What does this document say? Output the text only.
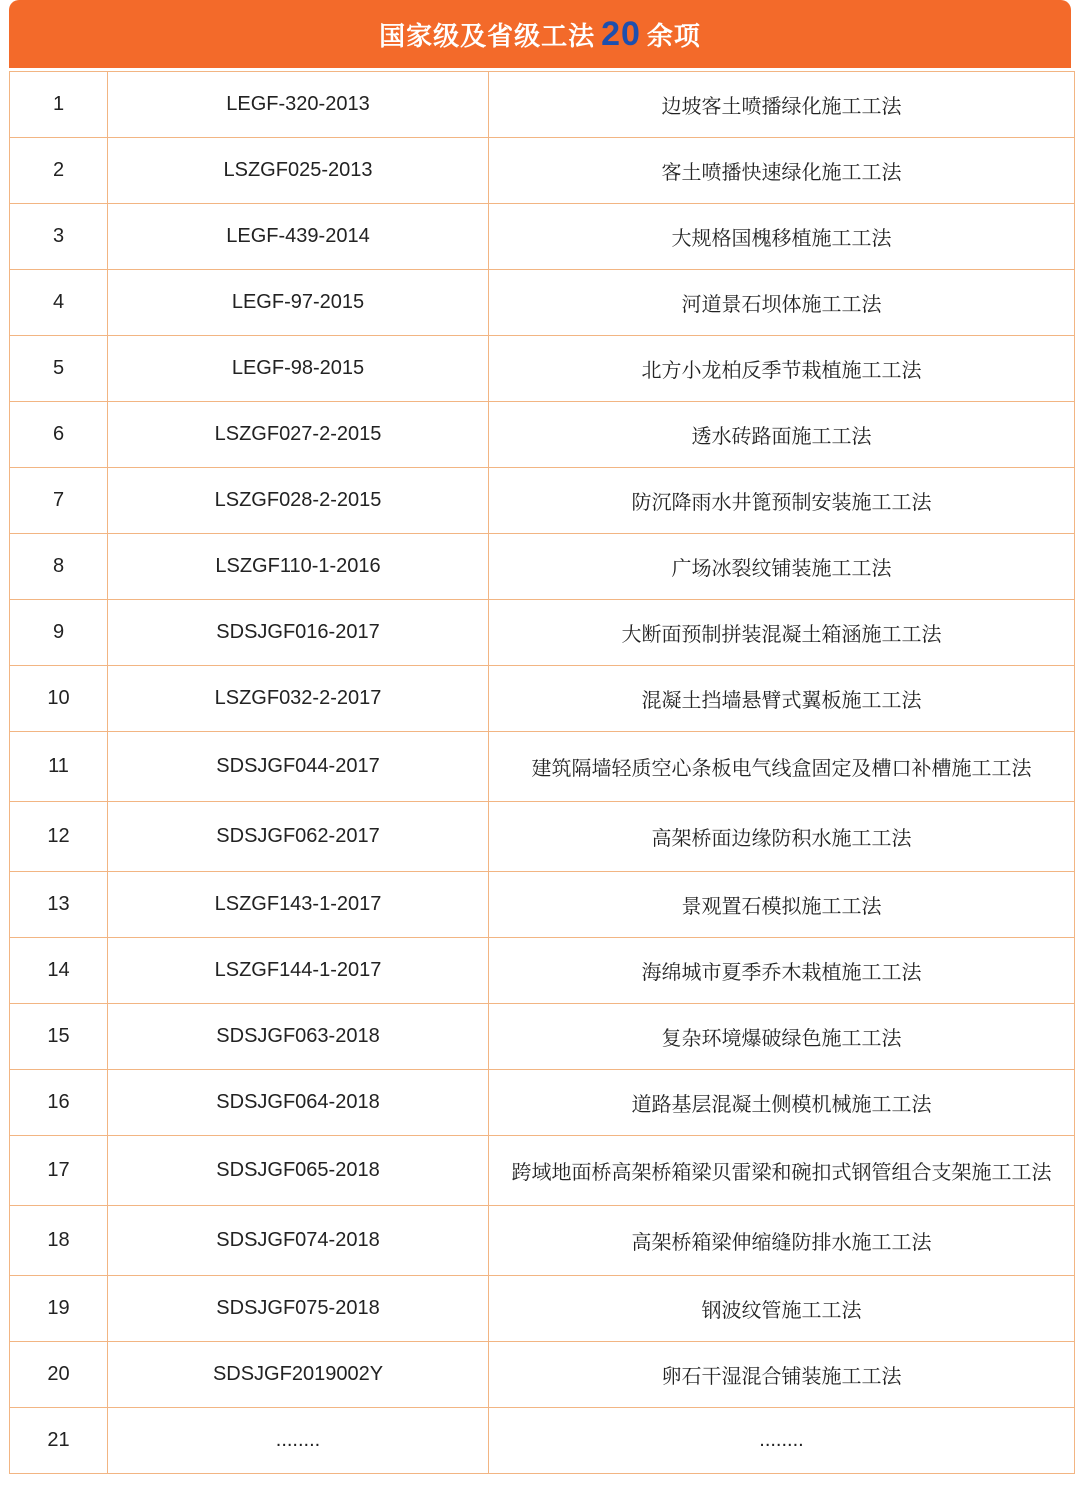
国家级及省级工法 20 余项
1	LEGF-320-2013	边坡客土喷播绿化施工工法
2	LSZGF025-2013	客土喷播快速绿化施工工法
3	LEGF-439-2014	大规格国槐移植施工工法
4	LEGF-97-2015	河道景石坝体施工工法
5	LEGF-98-2015	北方小龙柏反季节栽植施工工法
6	LSZGF027-2-2015	透水砖路面施工工法
7	LSZGF028-2-2015	防沉降雨水井篦预制安装施工工法
8	LSZGF110-1-2016	广场冰裂纹铺装施工工法
9	SDSJGF016-2017	大断面预制拼装混凝土箱涵施工工法
10	LSZGF032-2-2017	混凝土挡墙悬臂式翼板施工工法
11	SDSJGF044-2017	建筑隔墙轻质空心条板电气线盒固定及槽口补槽施工工法
12	SDSJGF062-2017	高架桥面边缘防积水施工工法
13	LSZGF143-1-2017	景观置石模拟施工工法
14	LSZGF144-1-2017	海绵城市夏季乔木栽植施工工法
15	SDSJGF063-2018	复杂环境爆破绿色施工工法
16	SDSJGF064-2018	道路基层混凝土侧模机械施工工法
17	SDSJGF065-2018	跨域地面桥高架桥箱梁贝雷梁和碗扣式钢管组合支架施工工法
18	SDSJGF074-2018	高架桥箱梁伸缩缝防排水施工工法
19	SDSJGF075-2018	钢波纹管施工工法
20	SDSJGF2019002Y	卵石干湿混合铺装施工工法
21	........	........
